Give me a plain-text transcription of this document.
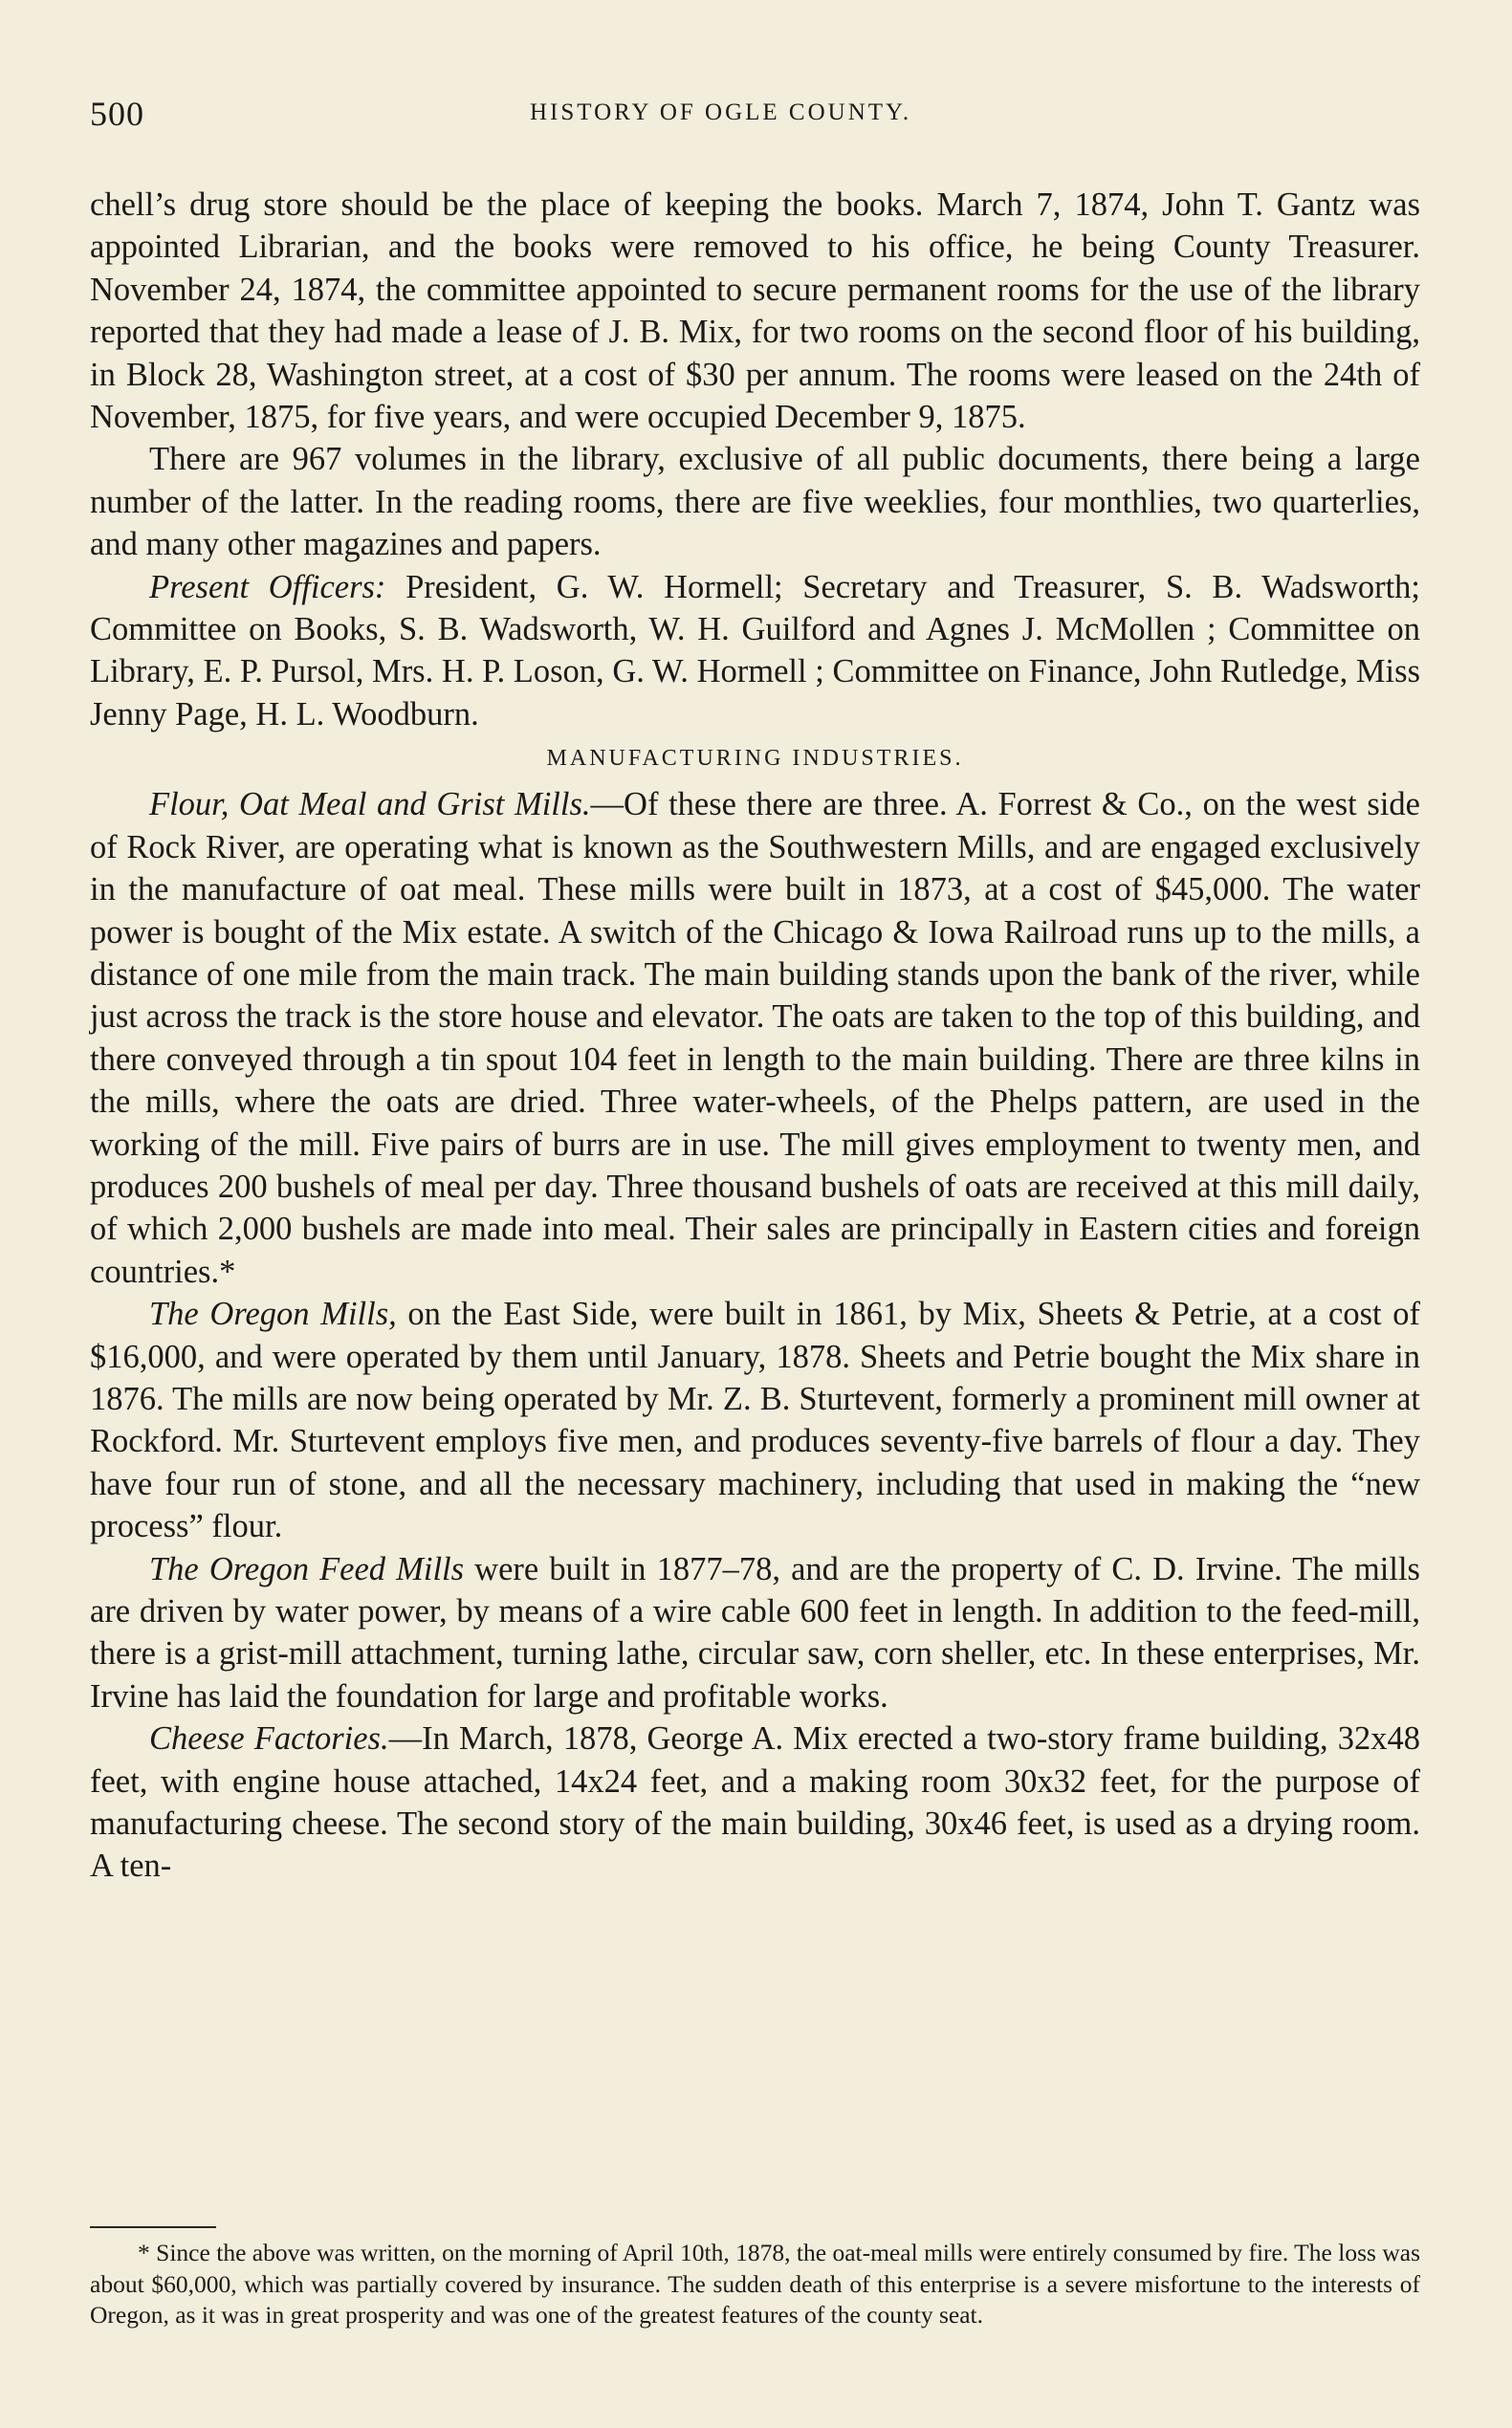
500	HISTORY OF OGLE COUNTY.

chell’s drug store should be the place of keeping the books. March 7, 1874, John T. Gantz was appointed Librarian, and the books were removed to his office, he being County Treasurer. November 24, 1874, the committee appointed to secure permanent rooms for the use of the library reported that they had made a lease of J. B. Mix, for two rooms on the second floor of his building, in Block 28, Washington street, at a cost of $30 per annum. The rooms were leased on the 24th of November, 1875, for five years, and were occupied December 9, 1875.

There are 967 volumes in the library, exclusive of all public documents, there being a large number of the latter. In the reading rooms, there are five weeklies, four monthlies, two quarterlies, and many other magazines and papers.

Present Officers: President, G. W. Hormell; Secretary and Treasurer, S. B. Wadsworth; Committee on Books, S. B. Wadsworth, W. H. Guilford and Agnes J. McMollen ; Committee on Library, E. P. Pursol, Mrs. H. P. Loson, G. W. Hormell ; Committee on Finance, John Rutledge, Miss Jenny Page, H. L. Woodburn.

MANUFACTURING INDUSTRIES.

Flour, Oat Meal and Grist Mills.—Of these there are three. A. Forrest & Co., on the west side of Rock River, are operating what is known as the Southwestern Mills, and are engaged exclusively in the manufacture of oat meal. These mills were built in 1873, at a cost of $45,000. The water power is bought of the Mix estate. A switch of the Chicago & Iowa Railroad runs up to the mills, a distance of one mile from the main track. The main building stands upon the bank of the river, while just across the track is the store house and elevator. The oats are taken to the top of this building, and there conveyed through a tin spout 104 feet in length to the main building. There are three kilns in the mills, where the oats are dried. Three water-wheels, of the Phelps pattern, are used in the working of the mill. Five pairs of burrs are in use. The mill gives employment to twenty men, and produces 200 bushels of meal per day. Three thousand bushels of oats are received at this mill daily, of which 2,000 bushels are made into meal. Their sales are principally in Eastern cities and foreign countries.*

The Oregon Mills, on the East Side, were built in 1861, by Mix, Sheets & Petrie, at a cost of $16,000, and were operated by them until January, 1878. Sheets and Petrie bought the Mix share in 1876. The mills are now being operated by Mr. Z. B. Sturtevent, formerly a prominent mill owner at Rockford. Mr. Sturtevent employs five men, and produces seventy-five barrels of flour a day. They have four run of stone, and all the necessary machinery, including that used in making the “new process” flour.

The Oregon Feed Mills were built in 1877–78, and are the property of C. D. Irvine. The mills are driven by water power, by means of a wire cable 600 feet in length. In addition to the feed-mill, there is a grist-mill attachment, turning lathe, circular saw, corn sheller, etc. In these enterprises, Mr. Irvine has laid the foundation for large and profitable works.

Cheese Factories.—In March, 1878, George A. Mix erected a two-story frame building, 32x48 feet, with engine house attached, 14x24 feet, and a making room 30x32 feet, for the purpose of manufacturing cheese. The second story of the main building, 30x46 feet, is used as a drying room. A ten-

* Since the above was written, on the morning of April 10th, 1878, the oat-meal mills were entirely consumed by fire. The loss was about $60,000, which was partially covered by insurance. The sudden death of this enterprise is a severe misfortune to the interests of Oregon, as it was in great prosperity and was one of the greatest features of the county seat.
